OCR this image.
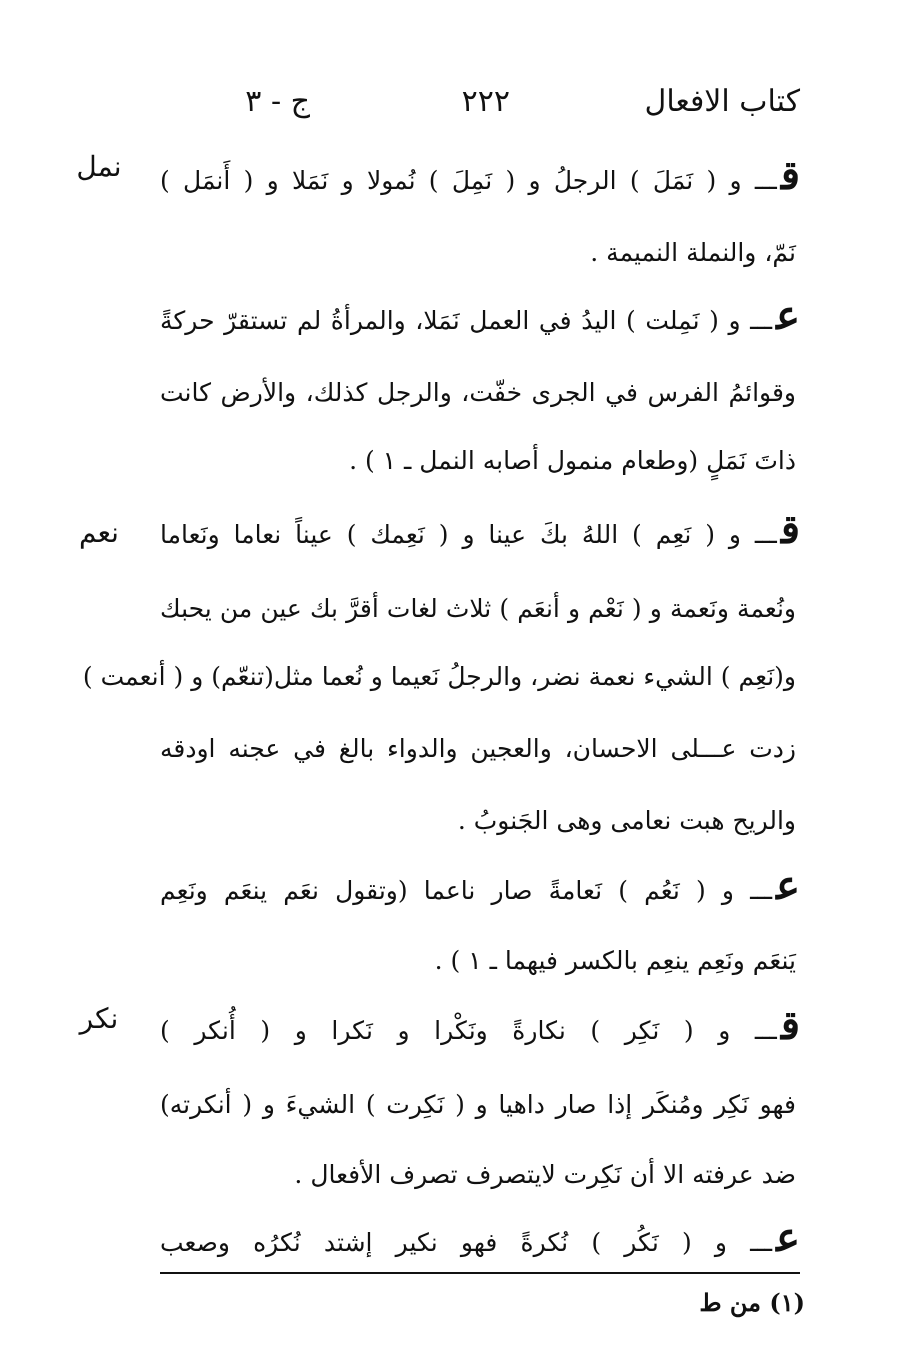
كتاب الافعال
٢٢٢
ج - ٣
نمل
نعم
نكر
قـــ و ( نَمَلَ ) الرجلُ و ( نَمِلَ ) نُمولا و نَمَلا و ( أَنمَل )
نَمّ، والنملة النميمة .
عـــ و ( نَمِلت ) اليدُ في العمل نَمَلا، والمرأةُ لم تستقرّ حركةً
وقوائمُ الفرس في الجرى خفّت، والرجل كذلك، والأرض كانت
ذاتَ نَمَلٍ (وطعام منمول أصابه النمل ـ ١ ) .
قـــ و ( نَعِم ) اللهُ بكَ عينا و ( نَعِمك ) عيناً نعاما ونَعاما
ونُعمة ونَعمة و ( نَعْم و أنعَم ) ثلاث لغات أقرَّ بك عين من يحبك
و(نَعِم ) الشيء نعمة نضر، والرجلُ نَعيما و نُعما مثل(تنعّم) و ( أنعمت )
زدت عـــلى الاحسان، والعجين والدواء بالغ في عجنه اودقه
والريح هبت نعامى وهى الجَنوبُ .
عـــ و ( نَعُم ) نَعامةً صار ناعما (وتقول نعَم ينعَم ونَعِم
يَنعَم ونَعِم ينعِم بالكسر فيهما ـ ١ ) .
قـــ و ( نَكِر ) نكارةً ونَكْرا و نَكرا و ( أُنكر )
فهو نَكِر ومُنكَر إذا صار داهيا و ( نَكِرت ) الشيءَ و ( أنكرته)
ضد عرفته الا أن نَكِرت لايتصرف تصرف الأفعال .
عـــ و ( نَكُر ) نُكرةً فهو نكير إشتد نُكرُه وصعب
(١) من ط
